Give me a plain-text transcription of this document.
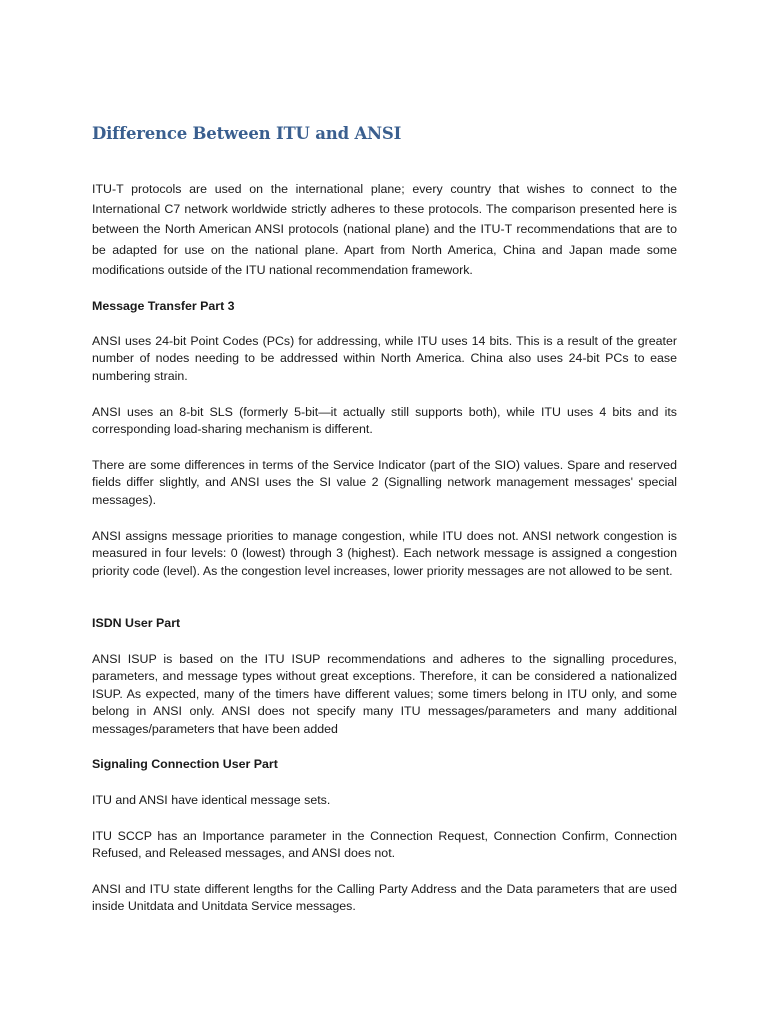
Difference Between ITU and ANSI

ITU-T protocols are used on the international plane; every country that wishes to connect to the International C7 network worldwide strictly adheres to these protocols. The comparison presented here is between the North American ANSI protocols (national plane) and the ITU-T recommendations that are to be adapted for use on the national plane. Apart from North America, China and Japan made some modifications outside of the ITU national recommendation framework.

Message Transfer Part 3

ANSI uses 24-bit Point Codes (PCs) for addressing, while ITU uses 14 bits. This is a result of the greater number of nodes needing to be addressed within North America. China also uses 24-bit PCs to ease numbering strain.

ANSI uses an 8-bit SLS (formerly 5-bit—it actually still supports both), while ITU uses 4 bits and its corresponding load-sharing mechanism is different.

There are some differences in terms of the Service Indicator (part of the SIO) values. Spare and reserved fields differ slightly, and ANSI uses the SI value 2 (Signalling network management messages' special messages).

ANSI assigns message priorities to manage congestion, while ITU does not. ANSI network congestion is measured in four levels: 0 (lowest) through 3 (highest). Each network message is assigned a congestion priority code (level). As the congestion level increases, lower priority messages are not allowed to be sent.

ISDN User Part

ANSI ISUP is based on the ITU ISUP recommendations and adheres to the signalling procedures, parameters, and message types without great exceptions. Therefore, it can be considered a nationalized ISUP. As expected, many of the timers have different values; some timers belong in ITU only, and some belong in ANSI only. ANSI does not specify many ITU messages/parameters and many additional messages/parameters that have been added

Signaling Connection User Part

ITU and ANSI have identical message sets.

ITU SCCP has an Importance parameter in the Connection Request, Connection Confirm, Connection Refused, and Released messages, and ANSI does not.

ANSI and ITU state different lengths for the Calling Party Address and the Data parameters that are used inside Unitdata and Unitdata Service messages.
